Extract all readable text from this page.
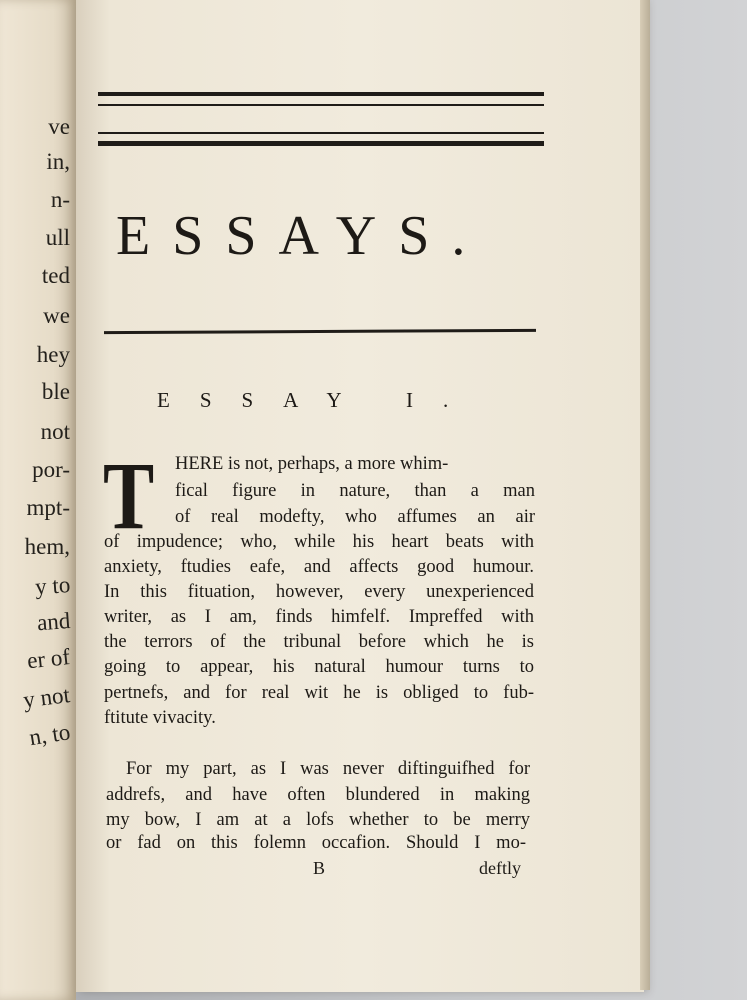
ve
in,
n-
ull
ted
we
hey
ble
not
por-
mpt-
hem,
y to
and
er of
y not
n, to
ESSAYS.
ESSAY I.
T HERE is not, perhaps, a more whim-
fical figure in nature, than a man
of real modefty, who affumes an air
of impudence; who, while his heart beats with
anxiety, ftudies eafe, and affects good humour.
In this fituation, however, every unexperienced
writer, as I am, finds himfelf. Impreffed with
the terrors of the tribunal before which he is
going to appear, his natural humour turns to
pertnefs, and for real wit he is obliged to fub-
ftitute vivacity.
For my part, as I was never diftinguifhed for
addrefs, and have often blundered in making
my bow, I am at a lofs whether to be merry
or fad on this folemn occafion. Should I mo-
B	deftly
